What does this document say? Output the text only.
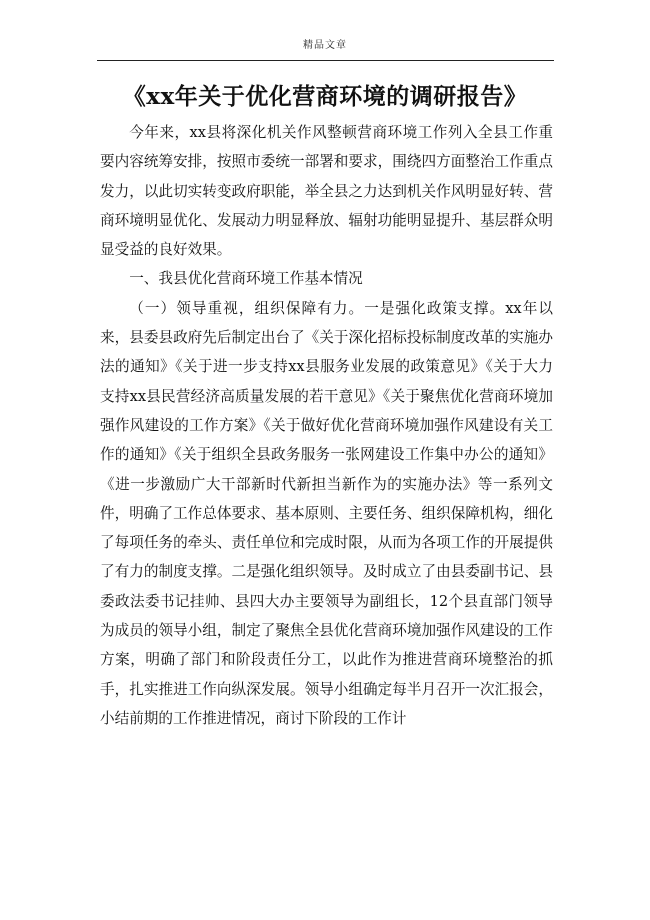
精品文章
《xx年关于优化营商环境的调研报告》

今年来，xx县将深化机关作风整顿营商环境工作列入全县工作重要内容统筹安排，按照市委统一部署和要求，围绕四方面整治工作重点发力，以此切实转变政府职能，举全县之力达到机关作风明显好转、营商环境明显优化、发展动力明显释放、辐射功能明显提升、基层群众明显受益的良好效果。

一、我县优化营商环境工作基本情况

（一）领导重视，组织保障有力。一是强化政策支撑。xx年以来，县委县政府先后制定出台了《关于深化招标投标制度改革的实施办法的通知》《关于进一步支持xx县服务业发展的政策意见》《关于大力支持xx县民营经济高质量发展的若干意见》《关于聚焦优化营商环境加强作风建设的工作方案》《关于做好优化营商环境加强作风建设有关工作的通知》《关于组织全县政务服务一张网建设工作集中办公的通知》《进一步激励广大干部新时代新担当新作为的实施办法》等一系列文件，明确了工作总体要求、基本原则、主要任务、组织保障机构，细化了每项任务的牵头、责任单位和完成时限，从而为各项工作的开展提供了有力的制度支撑。二是强化组织领导。及时成立了由县委副书记、县委政法委书记挂帅、县四大办主要领导为副组长，12个县直部门领导为成员的领导小组，制定了聚焦全县优化营商环境加强作风建设的工作方案，明确了部门和阶段责任分工，以此作为推进营商环境整治的抓手，扎实推进工作向纵深发展。领导小组确定每半月召开一次汇报会，小结前期的工作推进情况，商讨下阶段的工作计
